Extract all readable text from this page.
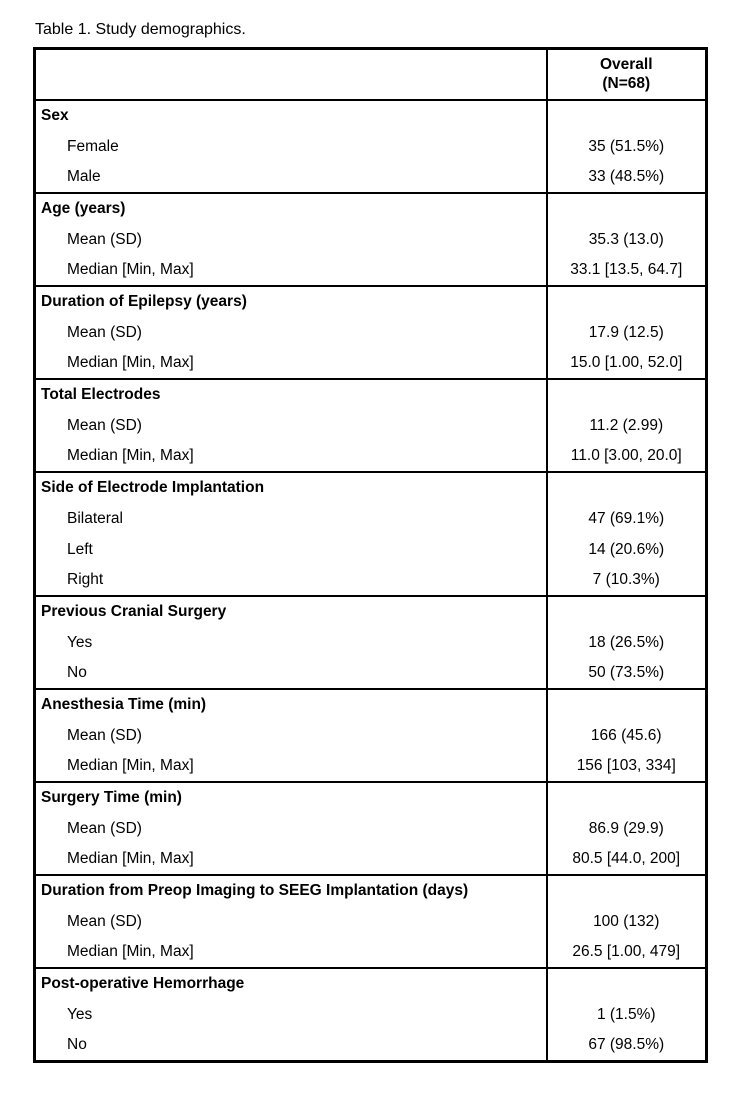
Table 1. Study demographics.

	Overall
(N=68)

Sex	
Female	35 (51.5%)
Male	33 (48.5%)
Age (years)	
Mean (SD)	35.3 (13.0)
Median [Min, Max]	33.1 [13.5, 64.7]
Duration of Epilepsy (years)	
Mean (SD)	17.9 (12.5)
Median [Min, Max]	15.0 [1.00, 52.0]
Total Electrodes	
Mean (SD)	11.2 (2.99)
Median [Min, Max]	11.0 [3.00, 20.0]
Side of Electrode Implantation	
Bilateral	47 (69.1%)
Left	14 (20.6%)
Right	7 (10.3%)
Previous Cranial Surgery	
Yes	18 (26.5%)
No	50 (73.5%)
Anesthesia Time (min)	
Mean (SD)	166 (45.6)
Median [Min, Max]	156 [103, 334]
Surgery Time (min)	
Mean (SD)	86.9 (29.9)
Median [Min, Max]	80.5 [44.0, 200]
Duration from Preop Imaging to SEEG Implantation (days)	
Mean (SD)	100 (132)
Median [Min, Max]	26.5 [1.00, 479]
Post-operative Hemorrhage	
Yes	1 (1.5%)
No	67 (98.5%)
